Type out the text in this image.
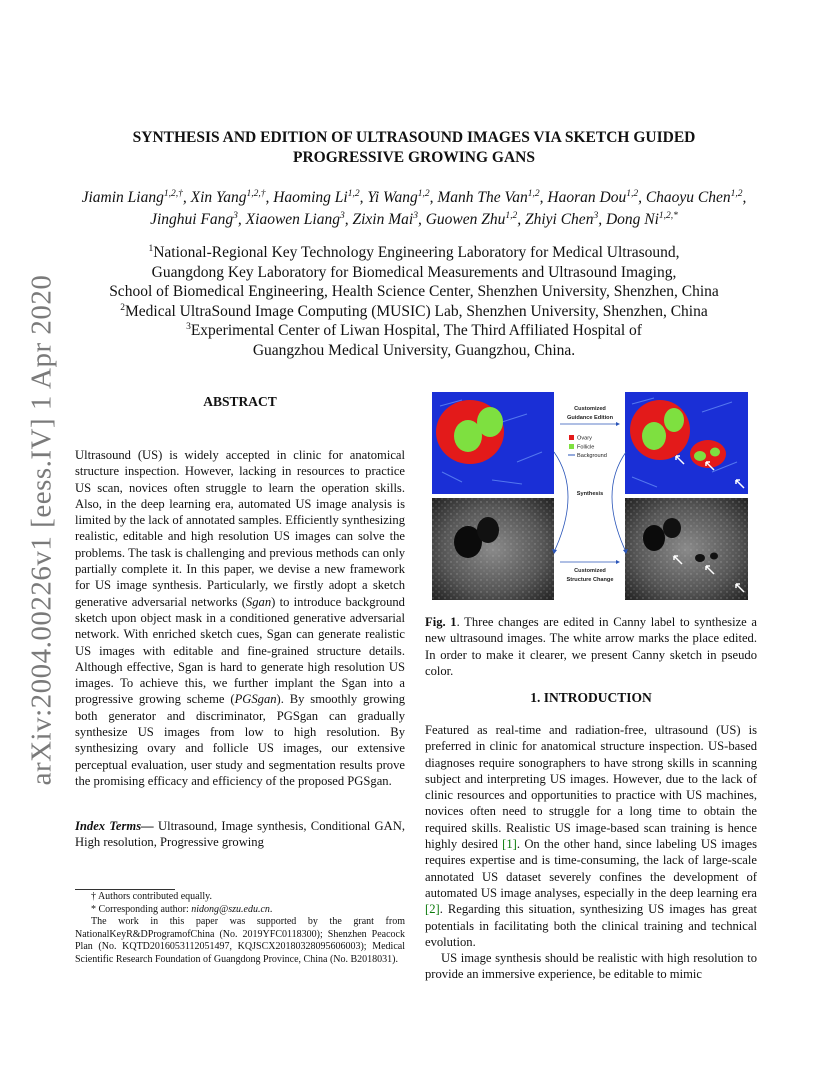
arXiv:2004.00226v1 [eess.IV] 1 Apr 2020
SYNTHESIS AND EDITION OF ULTRASOUND IMAGES VIA SKETCH GUIDED
PROGRESSIVE GROWING GANS
Jiamin Liang$^{1,2,\dagger}$, Xin Yang$^{1,2,\dagger}$, Haoming Li$^{1,2}$, Yi Wang$^{1,2}$, Manh The Van$^{1,2}$, Haoran Dou$^{1,2}$, Chaoyu Chen$^{1,2}$, Jinghui Fang$^3$, Xiaowen Liang$^3$, Zixin Mai$^3$, Guowen Zhu$^{1,2}$, Zhiyi Chen$^3$, Dong $Ni^{1,2,*}$
$^1$National-Regional Key Technology Engineering Laboratory for Medical Ultrasound,
Guangdong Key Laboratory for Biomedical Measurements and Ultrasound Imaging,
School of Biomedical Engineering, Health Science Center, Shenzhen University, Shenzhen, China
$^2$Medical UltraSound Image Computing (MUSIC) Lab, Shenzhen University, Shenzhen, China
$^3$Experimental Center of Liwan Hospital, The Third Affiliated Hospital of
Guangzhou Medical University, Guangzhou, China.
ABSTRACT
Ultrasound (US) is widely accepted in clinic for anatomical structure inspection. However, lacking in resources to practice US scan, novices often struggle to learn the operation skills. Also, in the deep learning era, automated US image analysis is limited by the lack of annotated samples. Efficiently synthesizing realistic, editable and high resolution US images can solve the problems. The task is challenging and previous methods can only partially complete it. In this paper, we devise a new framework for US image synthesis. Particularly, we firstly adopt a sketch generative adversarial networks (Sgan) to introduce background sketch upon object mask in a conditioned generative adversarial network. With enriched sketch cues, Sgan can generate realistic US images with editable and fine-grained structure details. Although effective, Sgan is hard to generate high resolution US images. To achieve this, we further implant the Sgan into a progressive growing scheme (PGSgan). By smoothly growing both generator and discriminator, PGSgan can gradually synthesize US images from low to high resolution. By synthesizing ovary and follicle US images, our extensive perceptual evaluation, user study and segmentation results prove the promising efficacy and efficiency of the proposed PGSgan.
Index Terms— Ultrasound, Image synthesis, Conditional GAN, High resolution, Progressive growing
† Authors contributed equally.
* Corresponding author: nidong@szu.edu.cn.
The work in this paper was supported by the grant from NationalKeyR&DProgramofChina (No. 2019YFC0118300); Shenzhen Peacock Plan (No. KQTD2016053112051497, KQJSCX20180328095606003); Medical Scientific Research Foundation of Guangdong Province, China (No. B2018031).
Customized
Guidance Edition
Ovary
Follicle
Background
Synthesis
Customized
Structure Change
Fig. 1. Three changes are edited in Canny label to synthesize a new ultrasound images. The white arrow marks the place edited. In order to make it clearer, we present Canny sketch in pseudo color.
1. INTRODUCTION
Featured as real-time and radiation-free, ultrasound (US) is preferred in clinic for anatomical structure inspection. US-based diagnoses require sonographers to have strong skills in scanning subject and interpreting US images. However, due to the lack of clinic resources and opportunities to practice with US machines, novices often need to struggle for a long time to obtain the required skills. Realistic US image-based scan training is hence highly desired [1]. On the other hand, since labeling US images requires expertise and is time-consuming, the lack of large-scale annotated US dataset severely confines the development of automated US image analyses, especially in the deep learning era [2]. Regarding this situation, synthesizing US images has great potentials in facilitating both the clinical training and technical evolution.
US image synthesis should be realistic with high resolution to provide an immersive experience, be editable to mimic
